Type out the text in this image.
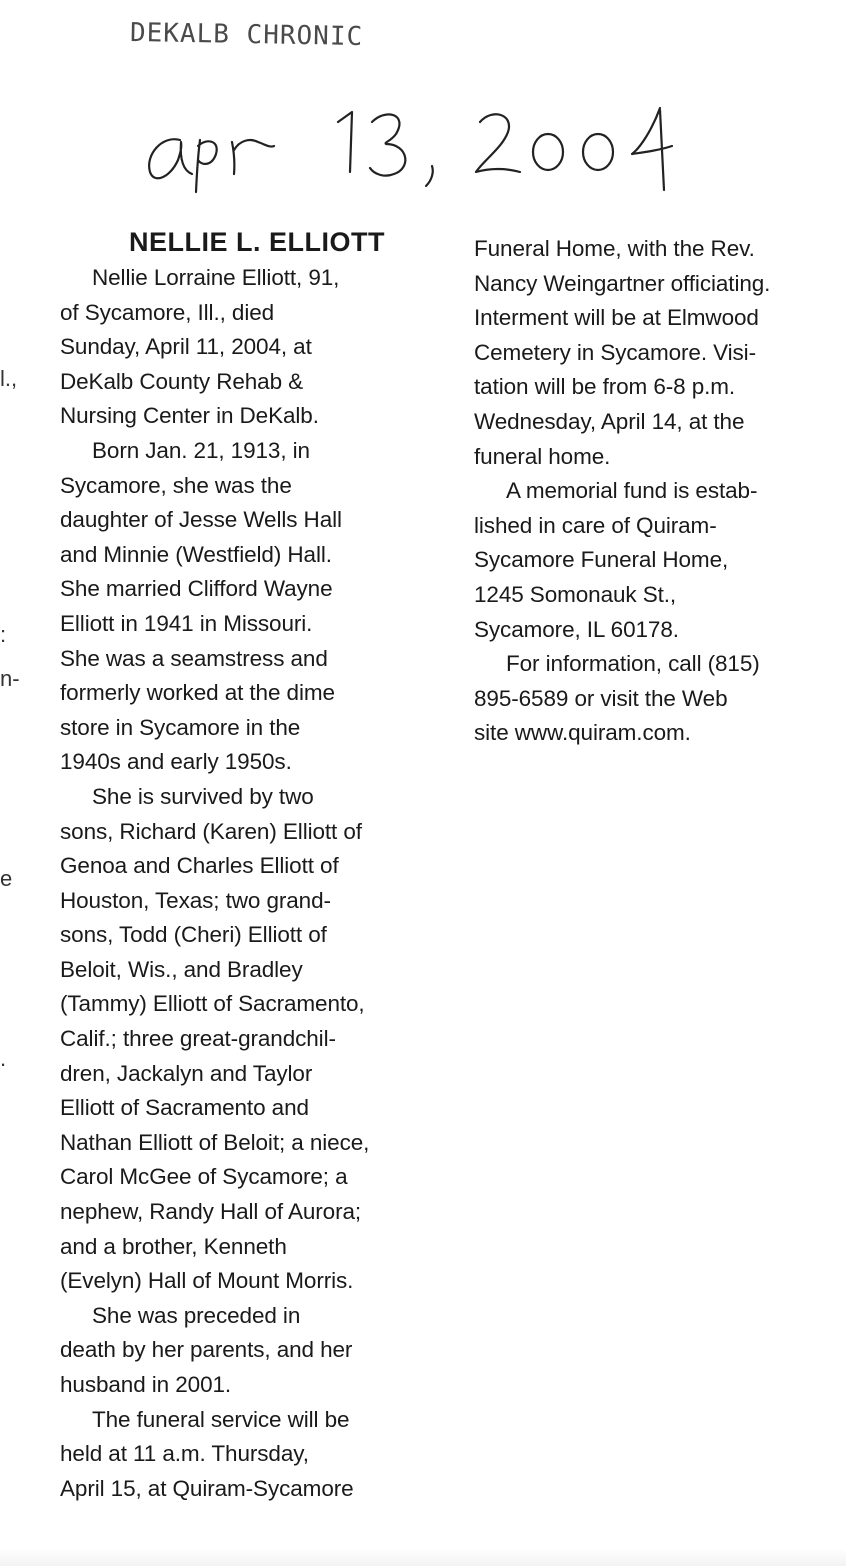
DEKALB CHRONIC
l.,
:
n-
e
.
NELLIE L. ELLIOTT
Nellie Lorraine Elliott, 91,
of Sycamore, Ill., died
Sunday, April 11, 2004, at
DeKalb County Rehab &
Nursing Center in DeKalb.
Born Jan. 21, 1913, in
Sycamore, she was the
daughter of Jesse Wells Hall
and Minnie (Westfield) Hall.
She married Clifford Wayne
Elliott in 1941 in Missouri.
She was a seamstress and
formerly worked at the dime
store in Sycamore in the
1940s and early 1950s.
She is survived by two
sons, Richard (Karen) Elliott of
Genoa and Charles Elliott of
Houston, Texas; two grand-
sons, Todd (Cheri) Elliott of
Beloit, Wis., and Bradley
(Tammy) Elliott of Sacramento,
Calif.; three great-grandchil-
dren, Jackalyn and Taylor
Elliott of Sacramento and
Nathan Elliott of Beloit; a niece,
Carol McGee of Sycamore; a
nephew, Randy Hall of Aurora;
and a brother, Kenneth
(Evelyn) Hall of Mount Morris.
She was preceded in
death by her parents, and her
husband in 2001.
The funeral service will be
held at 11 a.m. Thursday,
April 15, at Quiram-Sycamore
Funeral Home, with the Rev.
Nancy Weingartner officiating.
Interment will be at Elmwood
Cemetery in Sycamore. Visi-
tation will be from 6-8 p.m.
Wednesday, April 14, at the
funeral home.
A memorial fund is estab-
lished in care of Quiram-
Sycamore Funeral Home,
1245 Somonauk St.,
Sycamore, IL 60178.
For information, call (815)
895-6589 or visit the Web
site www.quiram.com.
